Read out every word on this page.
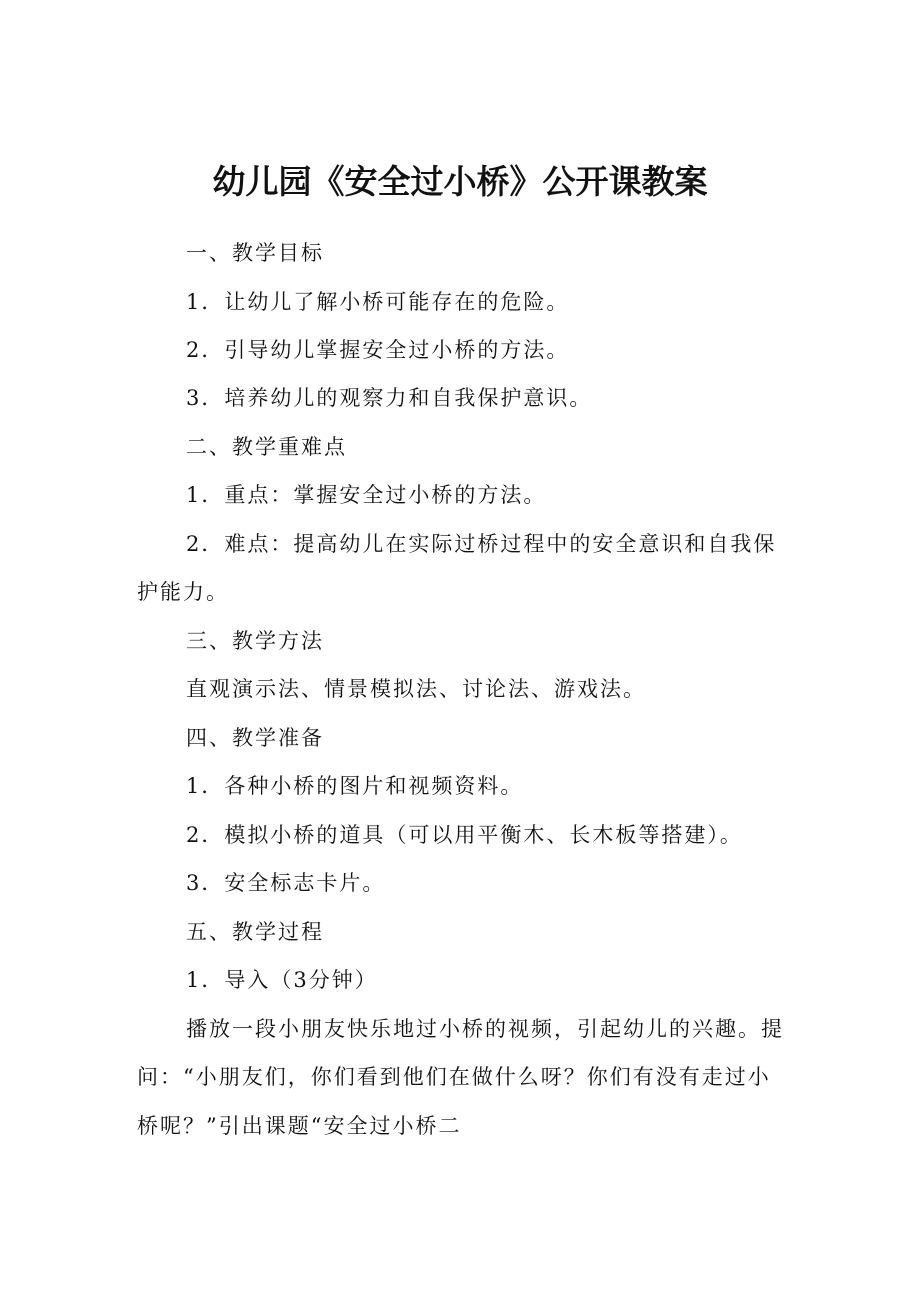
幼儿园《安全过小桥》公开课教案
一、教学目标
1．让幼儿了解小桥可能存在的危险。
2．引导幼儿掌握安全过小桥的方法。
3．培养幼儿的观察力和自我保护意识。
二、教学重难点
1．重点：掌握安全过小桥的方法。
2．难点：提高幼儿在实际过桥过程中的安全意识和自我保
护能力。
三、教学方法
直观演示法、情景模拟法、讨论法、游戏法。
四、教学准备
1．各种小桥的图片和视频资料。
2．模拟小桥的道具（可以用平衡木、长木板等搭建）。
3．安全标志卡片。
五、教学过程
1．导入（3分钟）
播放一段小朋友快乐地过小桥的视频，引起幼儿的兴趣。提
问：“小朋友们，你们看到他们在做什么呀？你们有没有走过小
桥呢？”引出课题“安全过小桥二
